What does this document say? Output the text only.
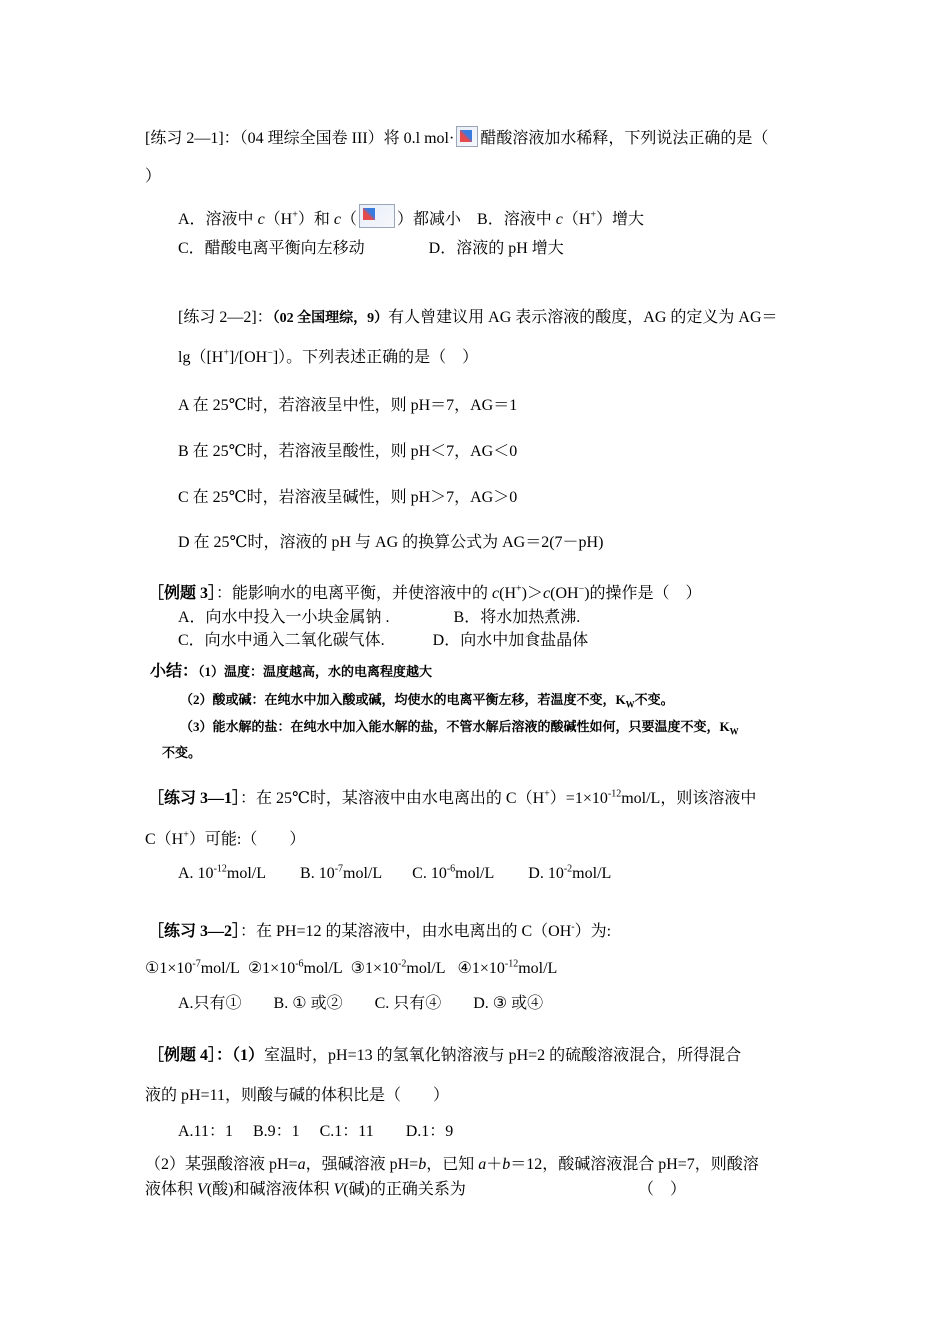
[练习 2—1]：（04 理综全国卷 III）将 0.l mol· 醋酸溶液加水稀释，下列说法正确的是（
）
A．溶液中 c（H+）和 c（	）都减小　B．溶液中 c（H+）增大
C．醋酸电离平衡向左移动　　　　D．溶液的 pH 增大
[练习 2—2]：（02 全国理综，9）有人曾建议用 AG 表示溶液的酸度，AG 的定义为 AG＝
lg（[H+]/[OH−]）。下列表述正确的是（　）
A 在 25℃时，若溶液呈中性，则 pH＝7，AG＝1
B 在 25℃时，若溶液呈酸性，则 pH＜7，AG＜0
C 在 25℃时，岩溶液呈碱性，则 pH＞7，AG＞0
D 在 25℃时，溶液的 pH 与 AG 的换算公式为 AG＝2(7－pH)
［例题 3］：能影响水的电离平衡，并使溶液中的 c(H+)＞c(OH−)的操作是（　）
A．向水中投入一小块金属钠 .　　　　B．将水加热煮沸.
C．向水中通入二氧化碳气体.　　　D．向水中加食盐晶体
小结：（1）温度：温度越高，水的电离程度越大
（2）酸或碱：在纯水中加入酸或碱，均使水的电离平衡左移，若温度不变，$K_W$不变。
（3）能水解的盐：在纯水中加入能水解的盐，不管水解后溶液的酸碱性如何，只要温度不变，$K_W$
不变。
［练习 3—1］：在 25℃时，某溶液中由水电离出的 $C(H^+)=1\times 10^{-12}mol/L$，则该溶液中
C（H+）可能:（　　）
A. $10^{-12}mol/L$ B. $10^{-7}mol/L$ C. $10^{-6}mol/L$ D. $10^{-2}mol/L$
［练习 3—2］：在 PH=12 的某溶液中，由水电离出的 C（OH-）为:
$①1\times 10^{-7}mol/L$ $②1\times 10^{-6}mol/L$ $③1\times 10^{-2}mol/L$ $④1\times 10^{-12}mol/L$
A.只有①　　B. ① 或②　　C. 只有④　　D. ③ 或④
［例题 4］：（1）室温时，pH=13 的氢氧化钠溶液与 pH=2 的硫酸溶液混合，所得混合
液的 pH=11，则酸与碱的体积比是（　　）
A.11：1　 B.9：1　 C.1：11　　D.1：9
（2）某强酸溶液 pH=a，强碱溶液 pH=b，已知 a＋b＝12，酸碱溶液混合 pH=7，则酸溶
液体积 V(酸)和碱溶液体积 V(碱)的正确关系为	（　）
